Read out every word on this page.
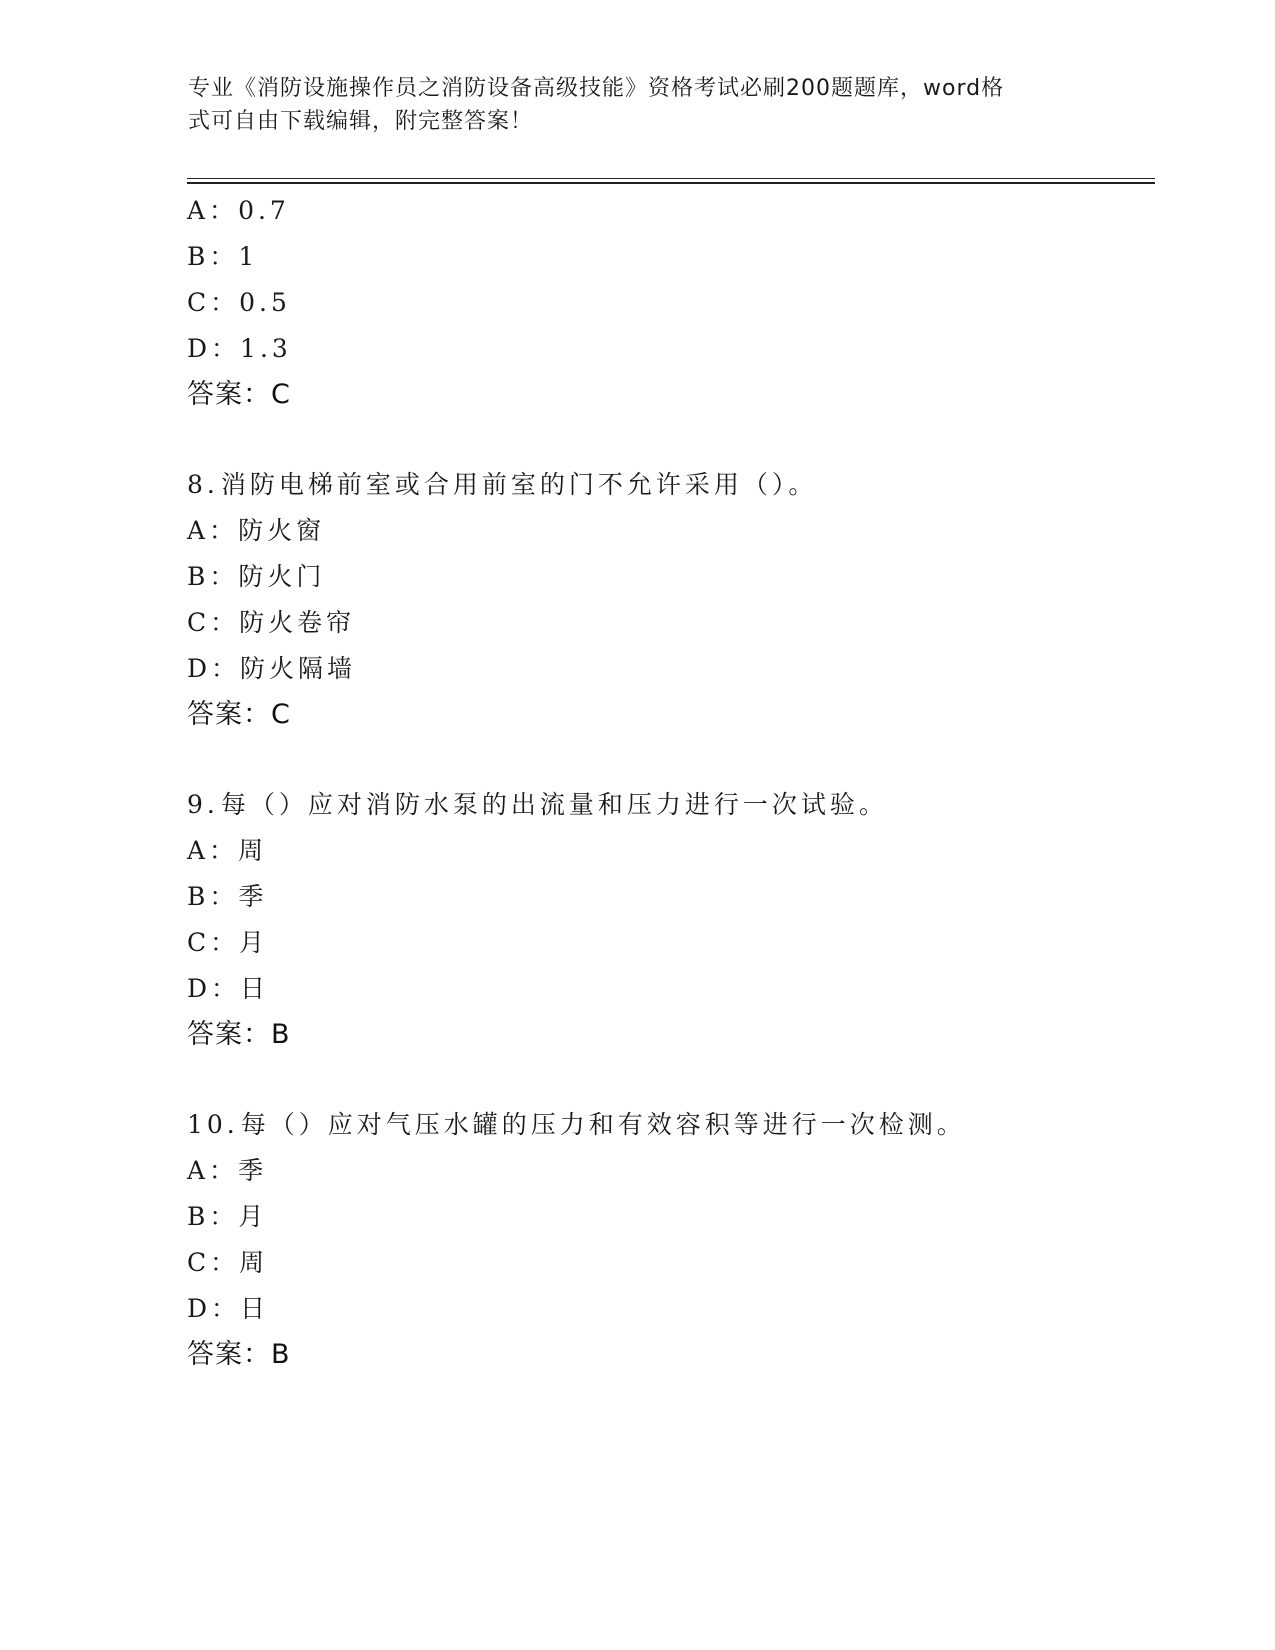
专业《消防设施操作员之消防设备高级技能》资格考试必刷200题题库，word格
式可自由下载编辑，附完整答案！
A：0.7
B：1
C：0.5
D：1.3
答案：C
8.消防电梯前室或合用前室的门不允许采用（）。
A：防火窗
B：防火门
C：防火卷帘
D：防火隔墙
答案：C
9.每（）应对消防水泵的出流量和压力进行一次试验。
A：周
B：季
C：月
D：日
答案：B
10.每（）应对气压水罐的压力和有效容积等进行一次检测。
A：季
B：月
C：周
D：日
答案：B
